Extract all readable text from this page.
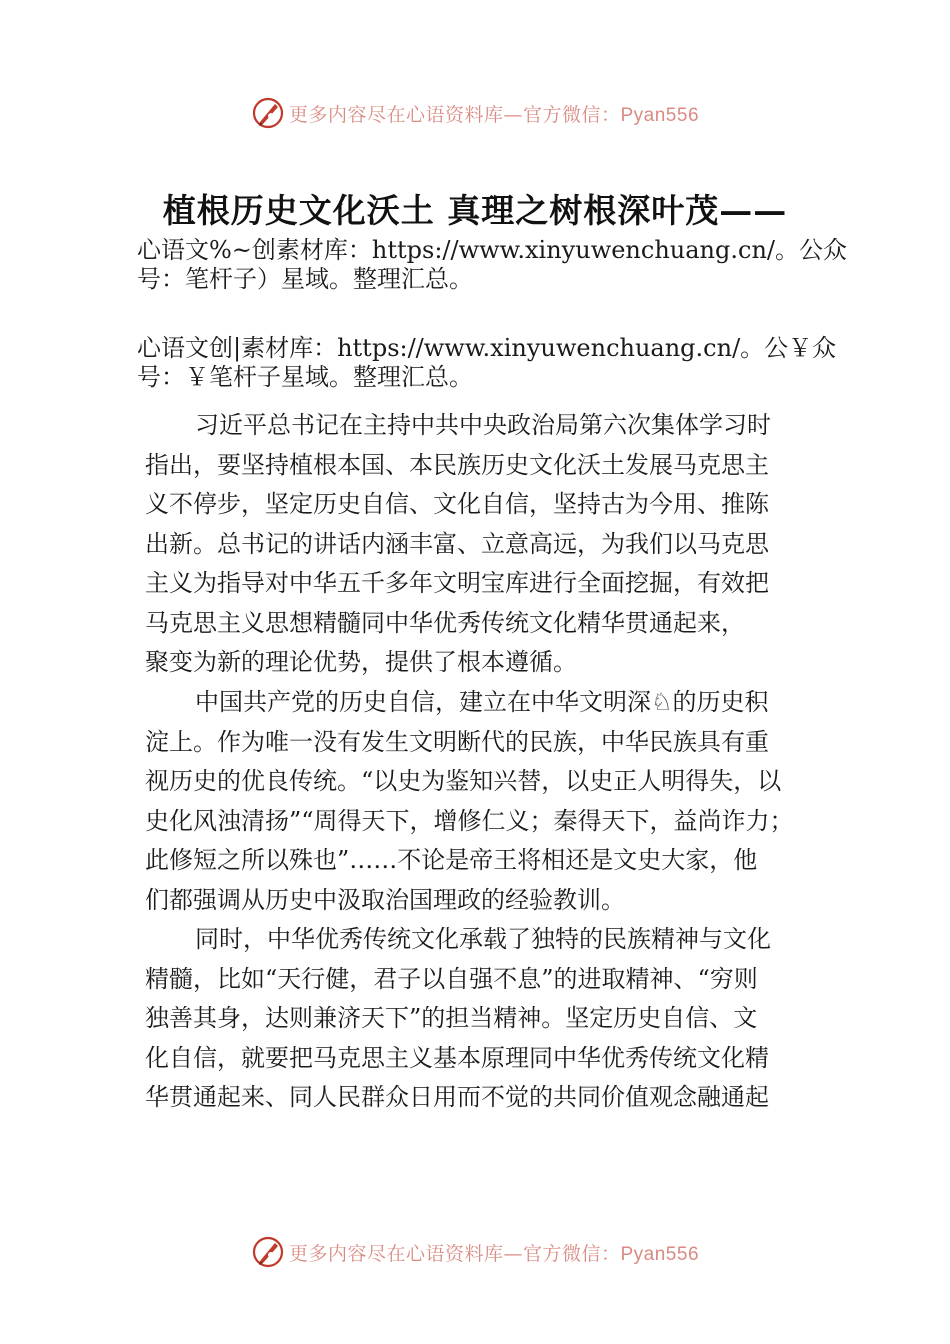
更多内容尽在心语资料库—官方微信：Pyan556
植根历史文化沃土 真理之树根深叶茂——
心语文%~创素材库：https://www.xinyuwenchuang.cn/。公众
号：笔杆子）星域。整理汇总。
心语文创|素材库：https://www.xinyuwenchuang.cn/。公￥众
号：￥笔杆子星域。整理汇总。
习近平总书记在主持中共中央政治局第六次集体学习时
指出，要坚持植根本国、本民族历史文化沃土发展马克思主
义不停步，坚定历史自信、文化自信，坚持古为今用、推陈
出新。总书记的讲话内涵丰富、立意高远，为我们以马克思
主义为指导对中华五千多年文明宝库进行全面挖掘，有效把
马克思主义思想精髓同中华优秀传统文化精华贯通起来，
聚变为新的理论优势，提供了根本遵循。
中国共产党的历史自信，建立在中华文明深♘的历史积
淀上。作为唯一没有发生文明断代的民族，中华民族具有重
视历史的优良传统。“以史为鉴知兴替，以史正人明得失，以
史化风浊清扬”“周得天下，增修仁义；秦得天下，益尚诈力；
此修短之所以殊也”……不论是帝王将相还是文史大家，他
们都强调从历史中汲取治国理政的经验教训。
同时，中华优秀传统文化承载了独特的民族精神与文化
精髓，比如“天行健，君子以自强不息”的进取精神、“穷则
独善其身，达则兼济天下”的担当精神。坚定历史自信、文
化自信，就要把马克思主义基本原理同中华优秀传统文化精
华贯通起来、同人民群众日用而不觉的共同价值观念融通起
更多内容尽在心语资料库—官方微信：Pyan556
